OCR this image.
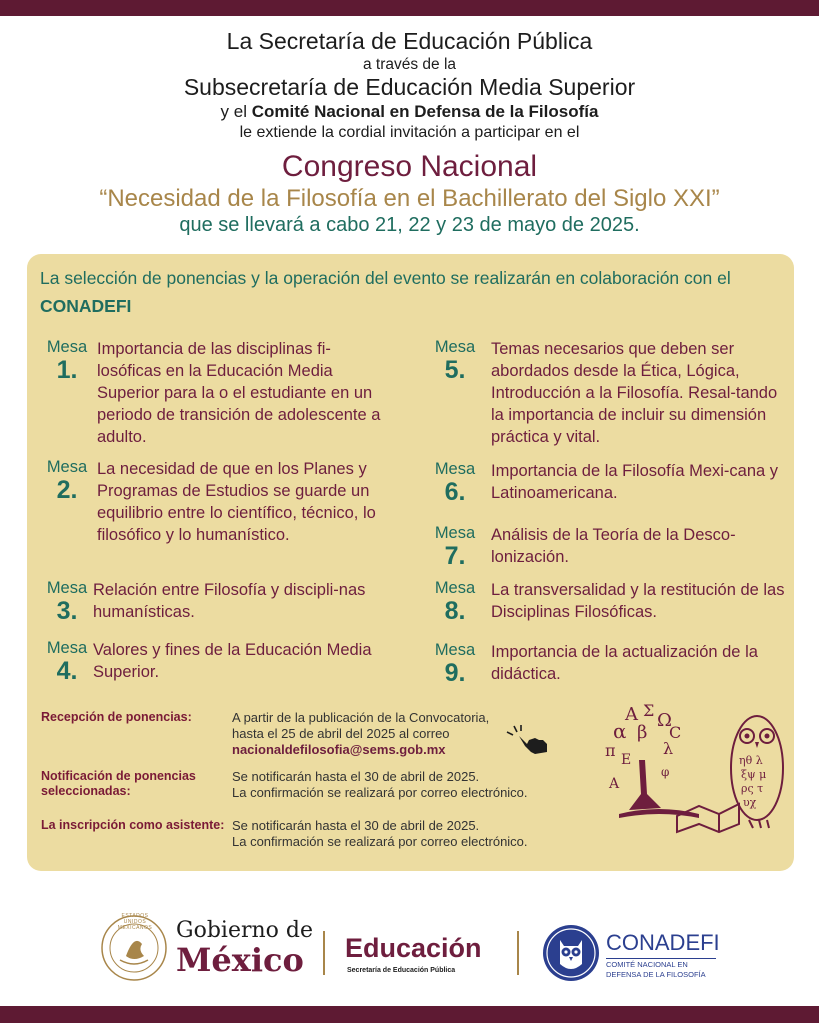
La Secretaría de Educación Pública
a través de la
Subsecretaría de Educación Media Superior
y el Comité Nacional en Defensa de la Filosofía
le extiende la cordial invitación a participar en el
Congreso Nacional
“Necesidad de la Filosofía en el Bachillerato del Siglo XXI”
que se llevará a cabo 21, 22 y 23 de mayo de 2025.
La selección de ponencias y la operación del evento se realizarán en colaboración con el CONADEFI
Mesa
1.
Importancia de las disciplinas fi-losóficas en la Educación Media Superior para la o el estudiante en un periodo de transición de adolescente a adulto.
Mesa
2.
La necesidad de que en los Planes y Programas de Estudios se guarde un equilibrio entre lo científico, técnico, lo filosófico y lo humanístico.
Mesa
3.
Relación entre Filosofía y discipli-nas humanísticas.
Mesa
4.
Valores y fines de la Educación Media Superior.
Mesa
5.
Temas necesarios que deben ser abordados desde la Ética, Lógica, Introducción a la Filosofía. Resal-tando la importancia de incluir su dimensión práctica y vital.
Mesa
6.
Importancia de la Filosofía Mexi-cana y Latinoamericana.
Mesa
7.
Análisis de la Teoría de la Desco-lonización.
Mesa
8.
La transversalidad y la restitución de las Disciplinas Filosóficas.
Mesa
9.
Importancia de la actualización de la didáctica.
Recepción de ponencias:	A partir de la publicación de la Convocatoria,
hasta el 25 de abril del 2025 al correo
nacionaldefilosofia@sems.gob.mx
Notificación de ponencias seleccionadas:
Se notificarán hasta el 30 de abril de 2025.
La confirmación se realizará por correo electrónico.
La inscripción como asistente: Se notificarán hasta el 30 de abril de 2025.
La confirmación se realizará por correo electrónico.
α
A Σ Ω
C
β
π	λ
E
A
φ
ηθ λ
ξψ μ
ρς τ
υχ
ESTADOS UNIDOS MEXICANOS	Gobierno de
México Educación
Secretaría de Educación Pública
CONADEFI
COMITÉ NACIONAL EN
DEFENSA DE LA FILOSOFÍA
